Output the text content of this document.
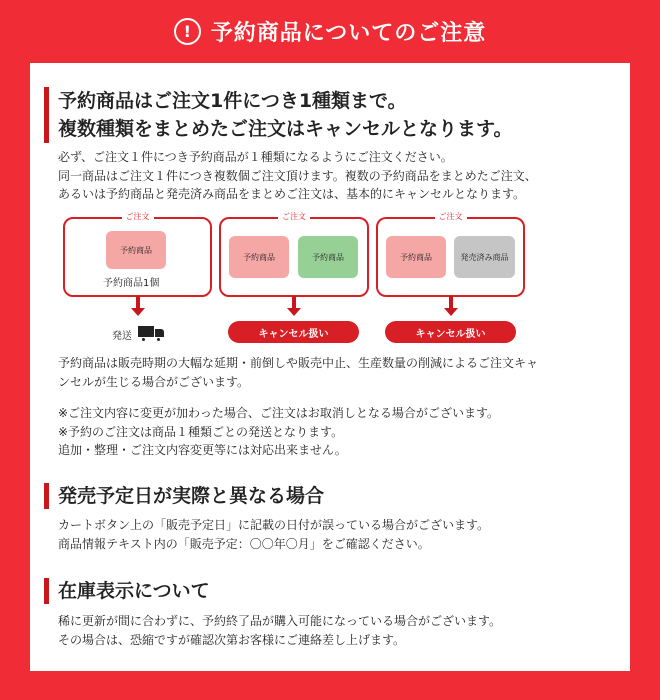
! 予約商品についてのご注意
予約商品はご注文1件につき1種類まで。
複数種類をまとめたご注文はキャンセルとなります。
必ず、ご注文１件につき予約商品が１種類になるようにご注文ください。
同一商品はご注文１件につき複数個ご注文頂けます。複数の予約商品をまとめたご注文、
あるいは予約商品と発売済み商品をまとめご注文は、基本的にキャンセルとなります。
ご注文
予約商品
予約商品1個
ご注文
予約商品	予約商品
ご注文
予約商品	発売済み商品
発送	キャンセル扱い	キャンセル扱い
予約商品は販売時期の大幅な延期・前倒しや販売中止、生産数量の削減によるご注文キャ
ンセルが生じる場合がございます。
※ご注文内容に変更が加わった場合、ご注文はお取消しとなる場合がございます。
※予約のご注文は商品１種類ごとの発送となります。
追加・整理・ご注文内容変更等には対応出来ません。
発売予定日が実際と異なる場合
カートボタン上の「販売予定日」に記載の日付が誤っている場合がございます。
商品情報テキスト内の「販売予定：〇〇年〇月」をご確認ください。
在庫表示について
稀に更新が間に合わずに、予約終了品が購入可能になっている場合がございます。
その場合は、恐縮ですが確認次第お客様にご連絡差し上げます。
